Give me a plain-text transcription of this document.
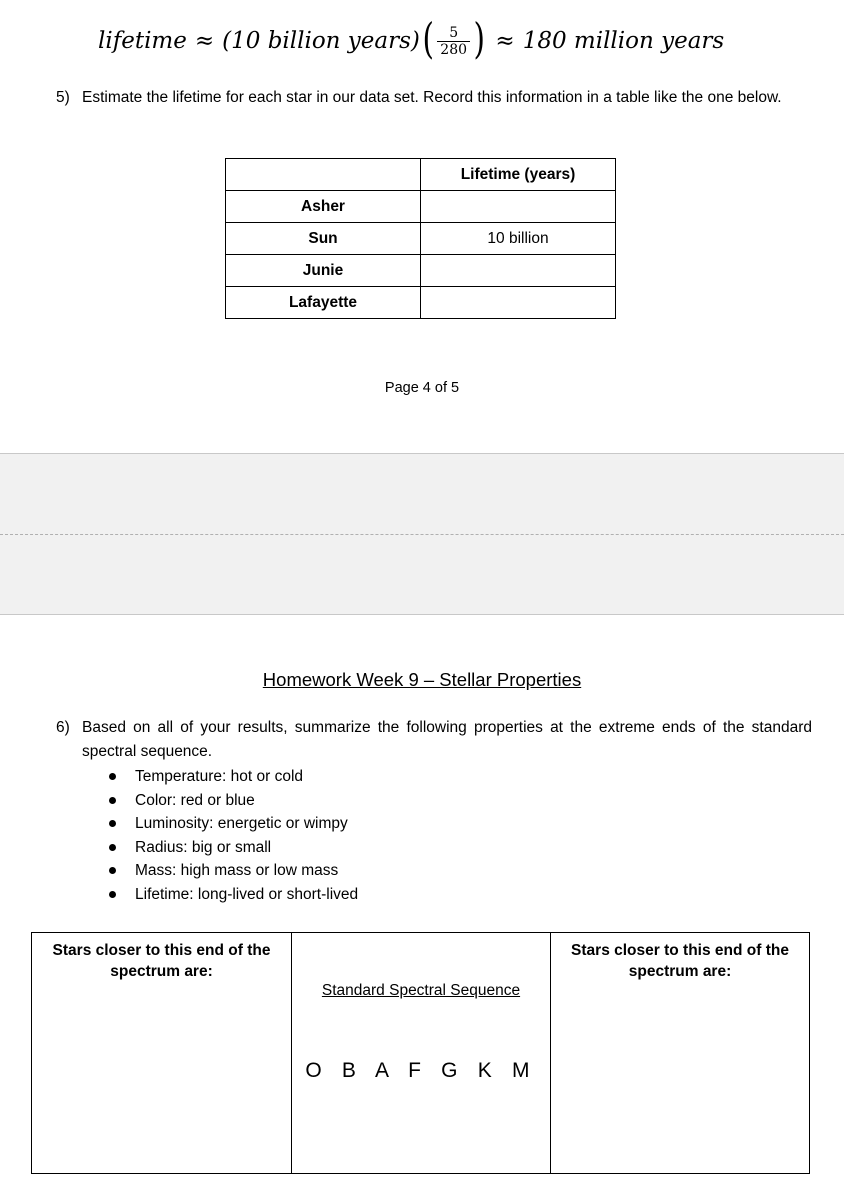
lifetime ≈ (10 billion years) ( $\frac{5}{280}$ ) ≈ 180 million years
5) Estimate the lifetime for each star in our data set. Record this information in a table like the one below.
	Lifetime (years)
Asher	
Sun	10 billion
Junie	
Lafayette	
Page 4 of 5
Homework Week 9 – Stellar Properties
6) Based on all of your results, summarize the following properties at the extreme ends of the standard spectral sequence.
Temperature: hot or cold
Color: red or blue
Luminosity: energetic or wimpy
Radius: big or small
Mass: high mass or low mass
Lifetime: long-lived or short-lived
Stars closer to this end of the spectrum are:
Standard Spectral Sequence
O B A F G K M
Stars closer to this end of the spectrum are:
